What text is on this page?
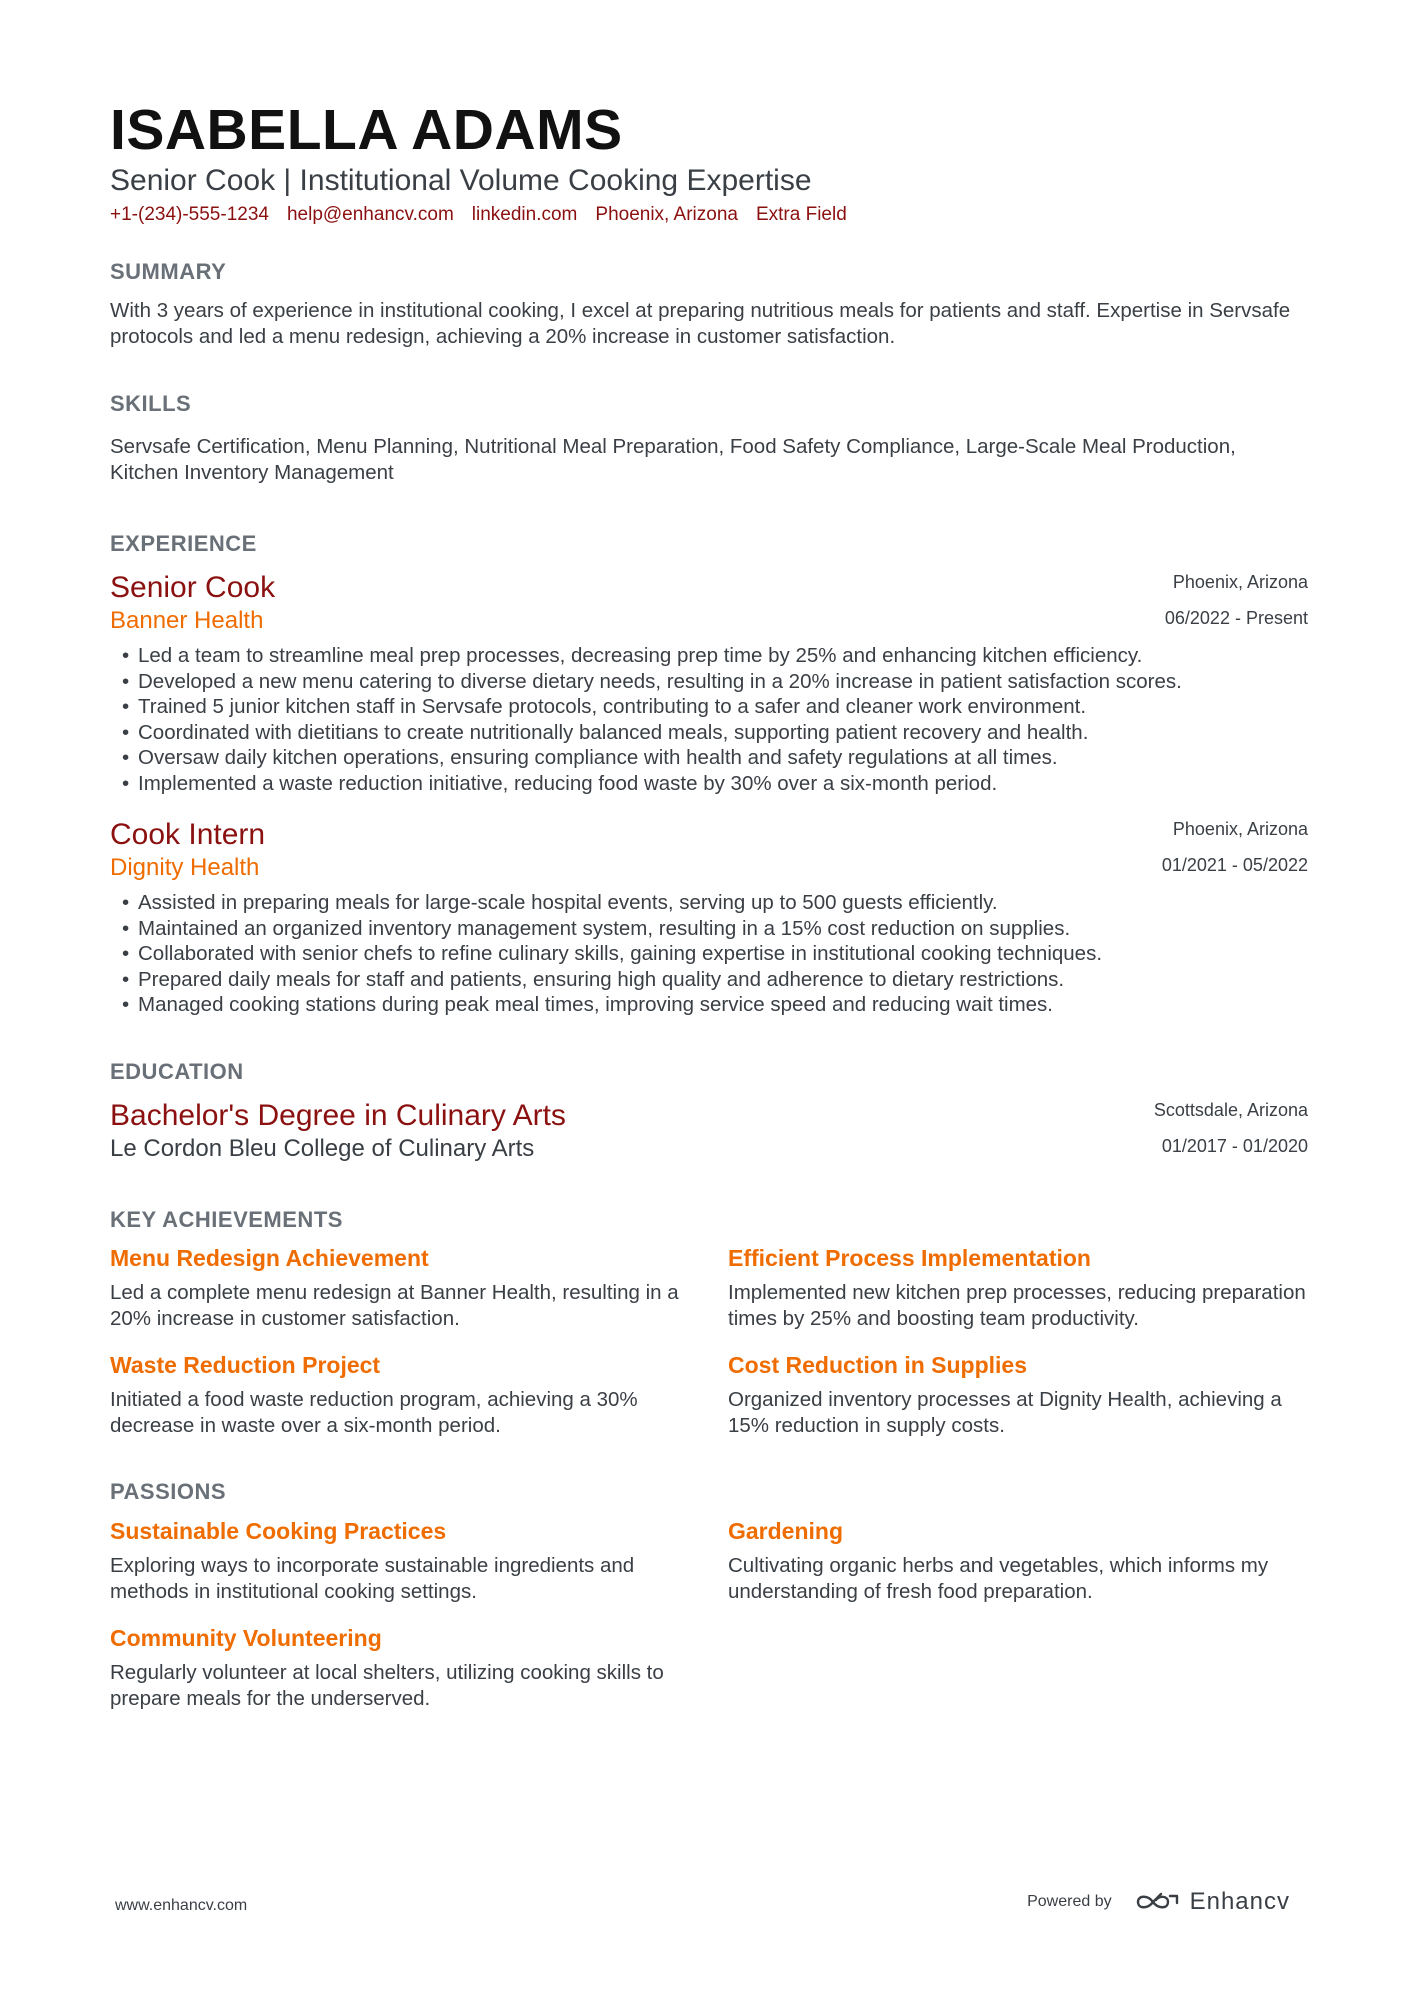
ISABELLA ADAMS
Senior Cook | Institutional Volume Cooking Expertise
+1-(234)-555-1234 help@enhancv.com linkedin.com Phoenix, Arizona Extra Field
SUMMARY
With 3 years of experience in institutional cooking, I excel at preparing nutritious meals for patients and staff. Expertise in Servsafe protocols and led a menu redesign, achieving a 20% increase in customer satisfaction.
SKILLS
Servsafe Certification, Menu Planning, Nutritional Meal Preparation, Food Safety Compliance, Large-Scale Meal Production, Kitchen Inventory Management
EXPERIENCE
Senior Cook
Banner Health
Phoenix, Arizona
06/2022 - Present
• Led a team to streamline meal prep processes, decreasing prep time by 25% and enhancing kitchen efficiency.
• Developed a new menu catering to diverse dietary needs, resulting in a 20% increase in patient satisfaction scores.
• Trained 5 junior kitchen staff in Servsafe protocols, contributing to a safer and cleaner work environment.
• Coordinated with dietitians to create nutritionally balanced meals, supporting patient recovery and health.
• Oversaw daily kitchen operations, ensuring compliance with health and safety regulations at all times.
• Implemented a waste reduction initiative, reducing food waste by 30% over a six-month period.
Cook Intern
Dignity Health
Phoenix, Arizona
01/2021 - 05/2022
• Assisted in preparing meals for large-scale hospital events, serving up to 500 guests efficiently.
• Maintained an organized inventory management system, resulting in a 15% cost reduction on supplies.
• Collaborated with senior chefs to refine culinary skills, gaining expertise in institutional cooking techniques.
• Prepared daily meals for staff and patients, ensuring high quality and adherence to dietary restrictions.
• Managed cooking stations during peak meal times, improving service speed and reducing wait times.
EDUCATION
Bachelor's Degree in Culinary Arts
Le Cordon Bleu College of Culinary Arts
Scottsdale, Arizona
01/2017 - 01/2020
KEY ACHIEVEMENTS
Menu Redesign Achievement
Led a complete menu redesign at Banner Health, resulting in a 20% increase in customer satisfaction.
Efficient Process Implementation
Implemented new kitchen prep processes, reducing preparation times by 25% and boosting team productivity.
Waste Reduction Project
Initiated a food waste reduction program, achieving a 30% decrease in waste over a six-month period.
Cost Reduction in Supplies
Organized inventory processes at Dignity Health, achieving a 15% reduction in supply costs.
PASSIONS
Sustainable Cooking Practices
Exploring ways to incorporate sustainable ingredients and methods in institutional cooking settings.
Gardening
Cultivating organic herbs and vegetables, which informs my understanding of fresh food preparation.
Community Volunteering
Regularly volunteer at local shelters, utilizing cooking skills to prepare meals for the underserved.
www.enhancv.com	Powered by	Enhancv
